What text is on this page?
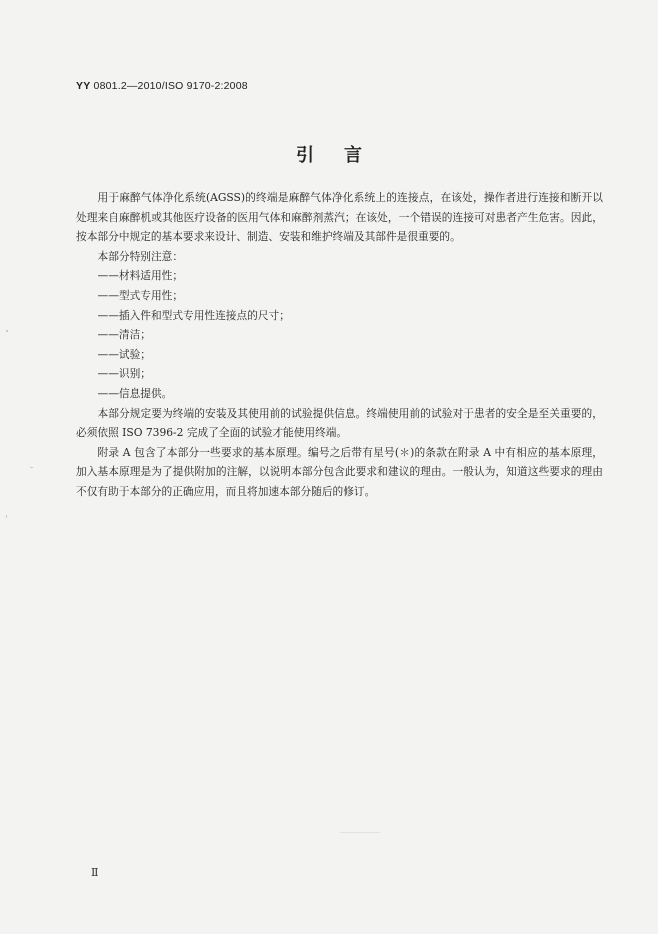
YY 0801.2—2010/ISO 9170-2:2008
引言

用于麻醉气体净化系统(AGSS)的终端是麻醉气体净化系统上的连接点，在该处，操作者进行连接和断开以处理来自麻醉机或其他医疗设备的医用气体和麻醉剂蒸汽；在该处，一个错误的连接可对患者产生危害。因此，按本部分中规定的基本要求来设计、制造、安装和维护终端及其部件是很重要的。

本部分特别注意：

——材料适用性；

——型式专用性；

——插入件和型式专用性连接点的尺寸；

——清洁；

——试验；

——识别；

——信息提供。

本部分规定要为终端的安装及其使用前的试验提供信息。终端使用前的试验对于患者的安全是至关重要的，必须依照 ISO 7396-2 完成了全面的试验才能使用终端。

附录 A 包含了本部分一些要求的基本原理。编号之后带有星号(＊)的条款在附录 A 中有相应的基本原理，加入基本原理是为了提供附加的注解，以说明本部分包含此要求和建议的理由。一般认为，知道这些要求的理由不仅有助于本部分的正确应用，而且将加速本部分随后的修订。

Ⅱ
